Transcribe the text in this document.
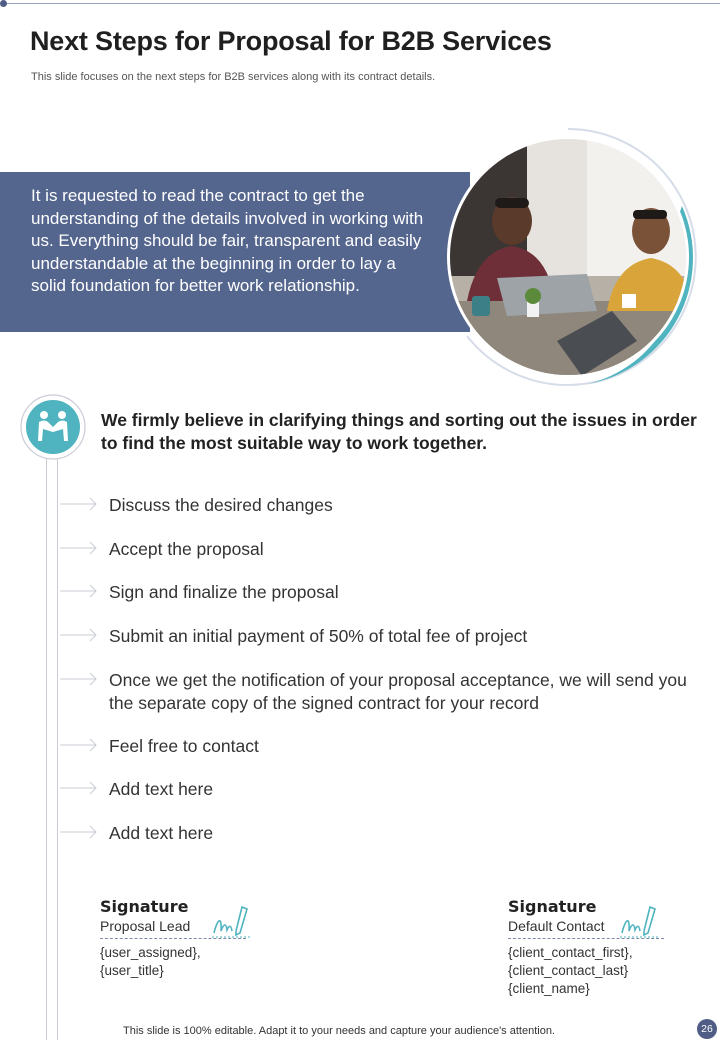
Next Steps for Proposal for B2B Services
This slide focuses on the next steps for B2B services along with its contract details.
It is requested to read the contract to get the understanding of the details involved in working with us. Everything should be fair, transparent and easily understandable at the beginning in order to lay a solid foundation for better work relationship.
We firmly believe in clarifying things and sorting out the issues in order to find the most suitable way to work together.
Discuss the desired changes
Accept the proposal
Sign and finalize the proposal
Submit an initial payment of 50% of total fee of project
Once we get the notification of your proposal acceptance, we will send you the separate copy of the signed contract for your record
Feel free to contact
Add text here
Add text here
Signature
Proposal Lead
{user_assigned},
{user_title}
Signature
Default Contact
{client_contact_first},
{client_contact_last}
{client_name}
This slide is 100% editable. Adapt it to your needs and capture your audience's attention.	26
